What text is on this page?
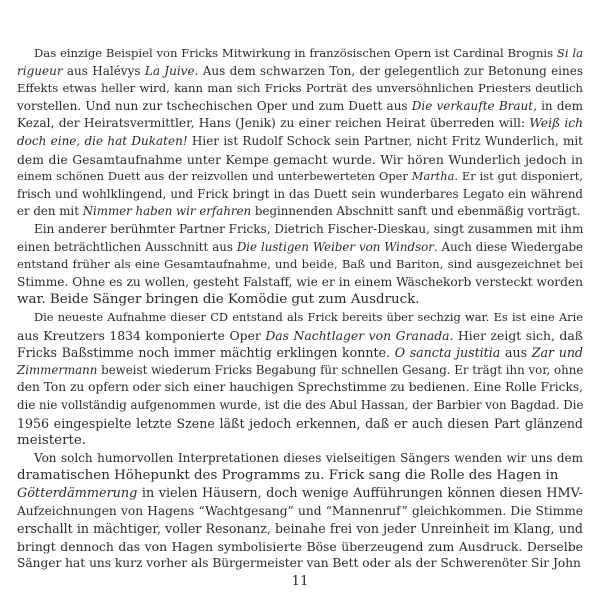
Das einzige Beispiel von Fricks Mitwirkung in französischen Opern ist Cardinal Brognis Si la
rigueur aus Halévys La Juive. Aus dem schwarzen Ton, der gelegentlich zur Betonung eines
Effekts etwas heller wird, kann man sich Fricks Porträt des unversöhnlichen Priesters deutlich
vorstellen. Und nun zur tschechischen Oper und zum Duett aus Die verkaufte Braut, in dem
Kezal, der Heiratsvermittler, Hans (Jenik) zu einer reichen Heirat überreden will: Weiß ich
doch eine, die hat Dukaten! Hier ist Rudolf Schock sein Partner, nicht Fritz Wunderlich, mit
dem die Gesamtaufnahme unter Kempe gemacht wurde. Wir hören Wunderlich jedoch in
einem schönen Duett aus der reizvollen und unterbewerteten Oper Martha. Er ist gut disponiert,
frisch und wohlklingend, und Frick bringt in das Duett sein wunderbares Legato ein während
er den mit Nimmer haben wir erfahren beginnenden Abschnitt sanft und ebenmäßig vorträgt.
Ein anderer berühmter Partner Fricks, Dietrich Fischer-Dieskau, singt zusammen mit ihm
einen beträchtlichen Ausschnitt aus Die lustigen Weiber von Windsor. Auch diese Wiedergabe
entstand früher als eine Gesamtaufnahme, und beide, Baß und Bariton, sind ausgezeichnet bei
Stimme. Ohne es zu wollen, gesteht Falstaff, wie er in einem Wäschekorb versteckt worden
war. Beide Sänger bringen die Komödie gut zum Ausdruck.
Die neueste Aufnahme dieser CD entstand als Frick bereits über sechzig war. Es ist eine Arie
aus Kreutzers 1834 komponierte Oper Das Nachtlager von Granada. Hier zeigt sich, daß
Fricks Baßstimme noch immer mächtig erklingen konnte. O sancta justitia aus Zar und
Zimmermann beweist wiederum Fricks Begabung für schnellen Gesang. Er trägt ihn vor, ohne
den Ton zu opfern oder sich einer hauchigen Sprechstimme zu bedienen. Eine Rolle Fricks,
die nie vollständig aufgenommen wurde, ist die des Abul Hassan, der Barbier von Bagdad. Die
1956 eingespielte letzte Szene läßt jedoch erkennen, daß er auch diesen Part glänzend
meisterte.
Von solch humorvollen Interpretationen dieses vielseitigen Sängers wenden wir uns dem
dramatischen Höhepunkt des Programms zu. Frick sang die Rolle des Hagen in
Götterdämmerung in vielen Häusern, doch wenige Aufführungen können diesen HMV-
Aufzeichnungen von Hagens “Wachtgesang” und “Mannenruf” gleichkommen. Die Stimme
erschallt in mächtiger, voller Resonanz, beinahe frei von jeder Unreinheit im Klang, und
bringt dennoch das von Hagen symbolisierte Böse überzeugend zum Ausdruck. Derselbe
Sänger hat uns kurz vorher als Bürgermeister van Bett oder als der Schwerenöter Sir John
11
